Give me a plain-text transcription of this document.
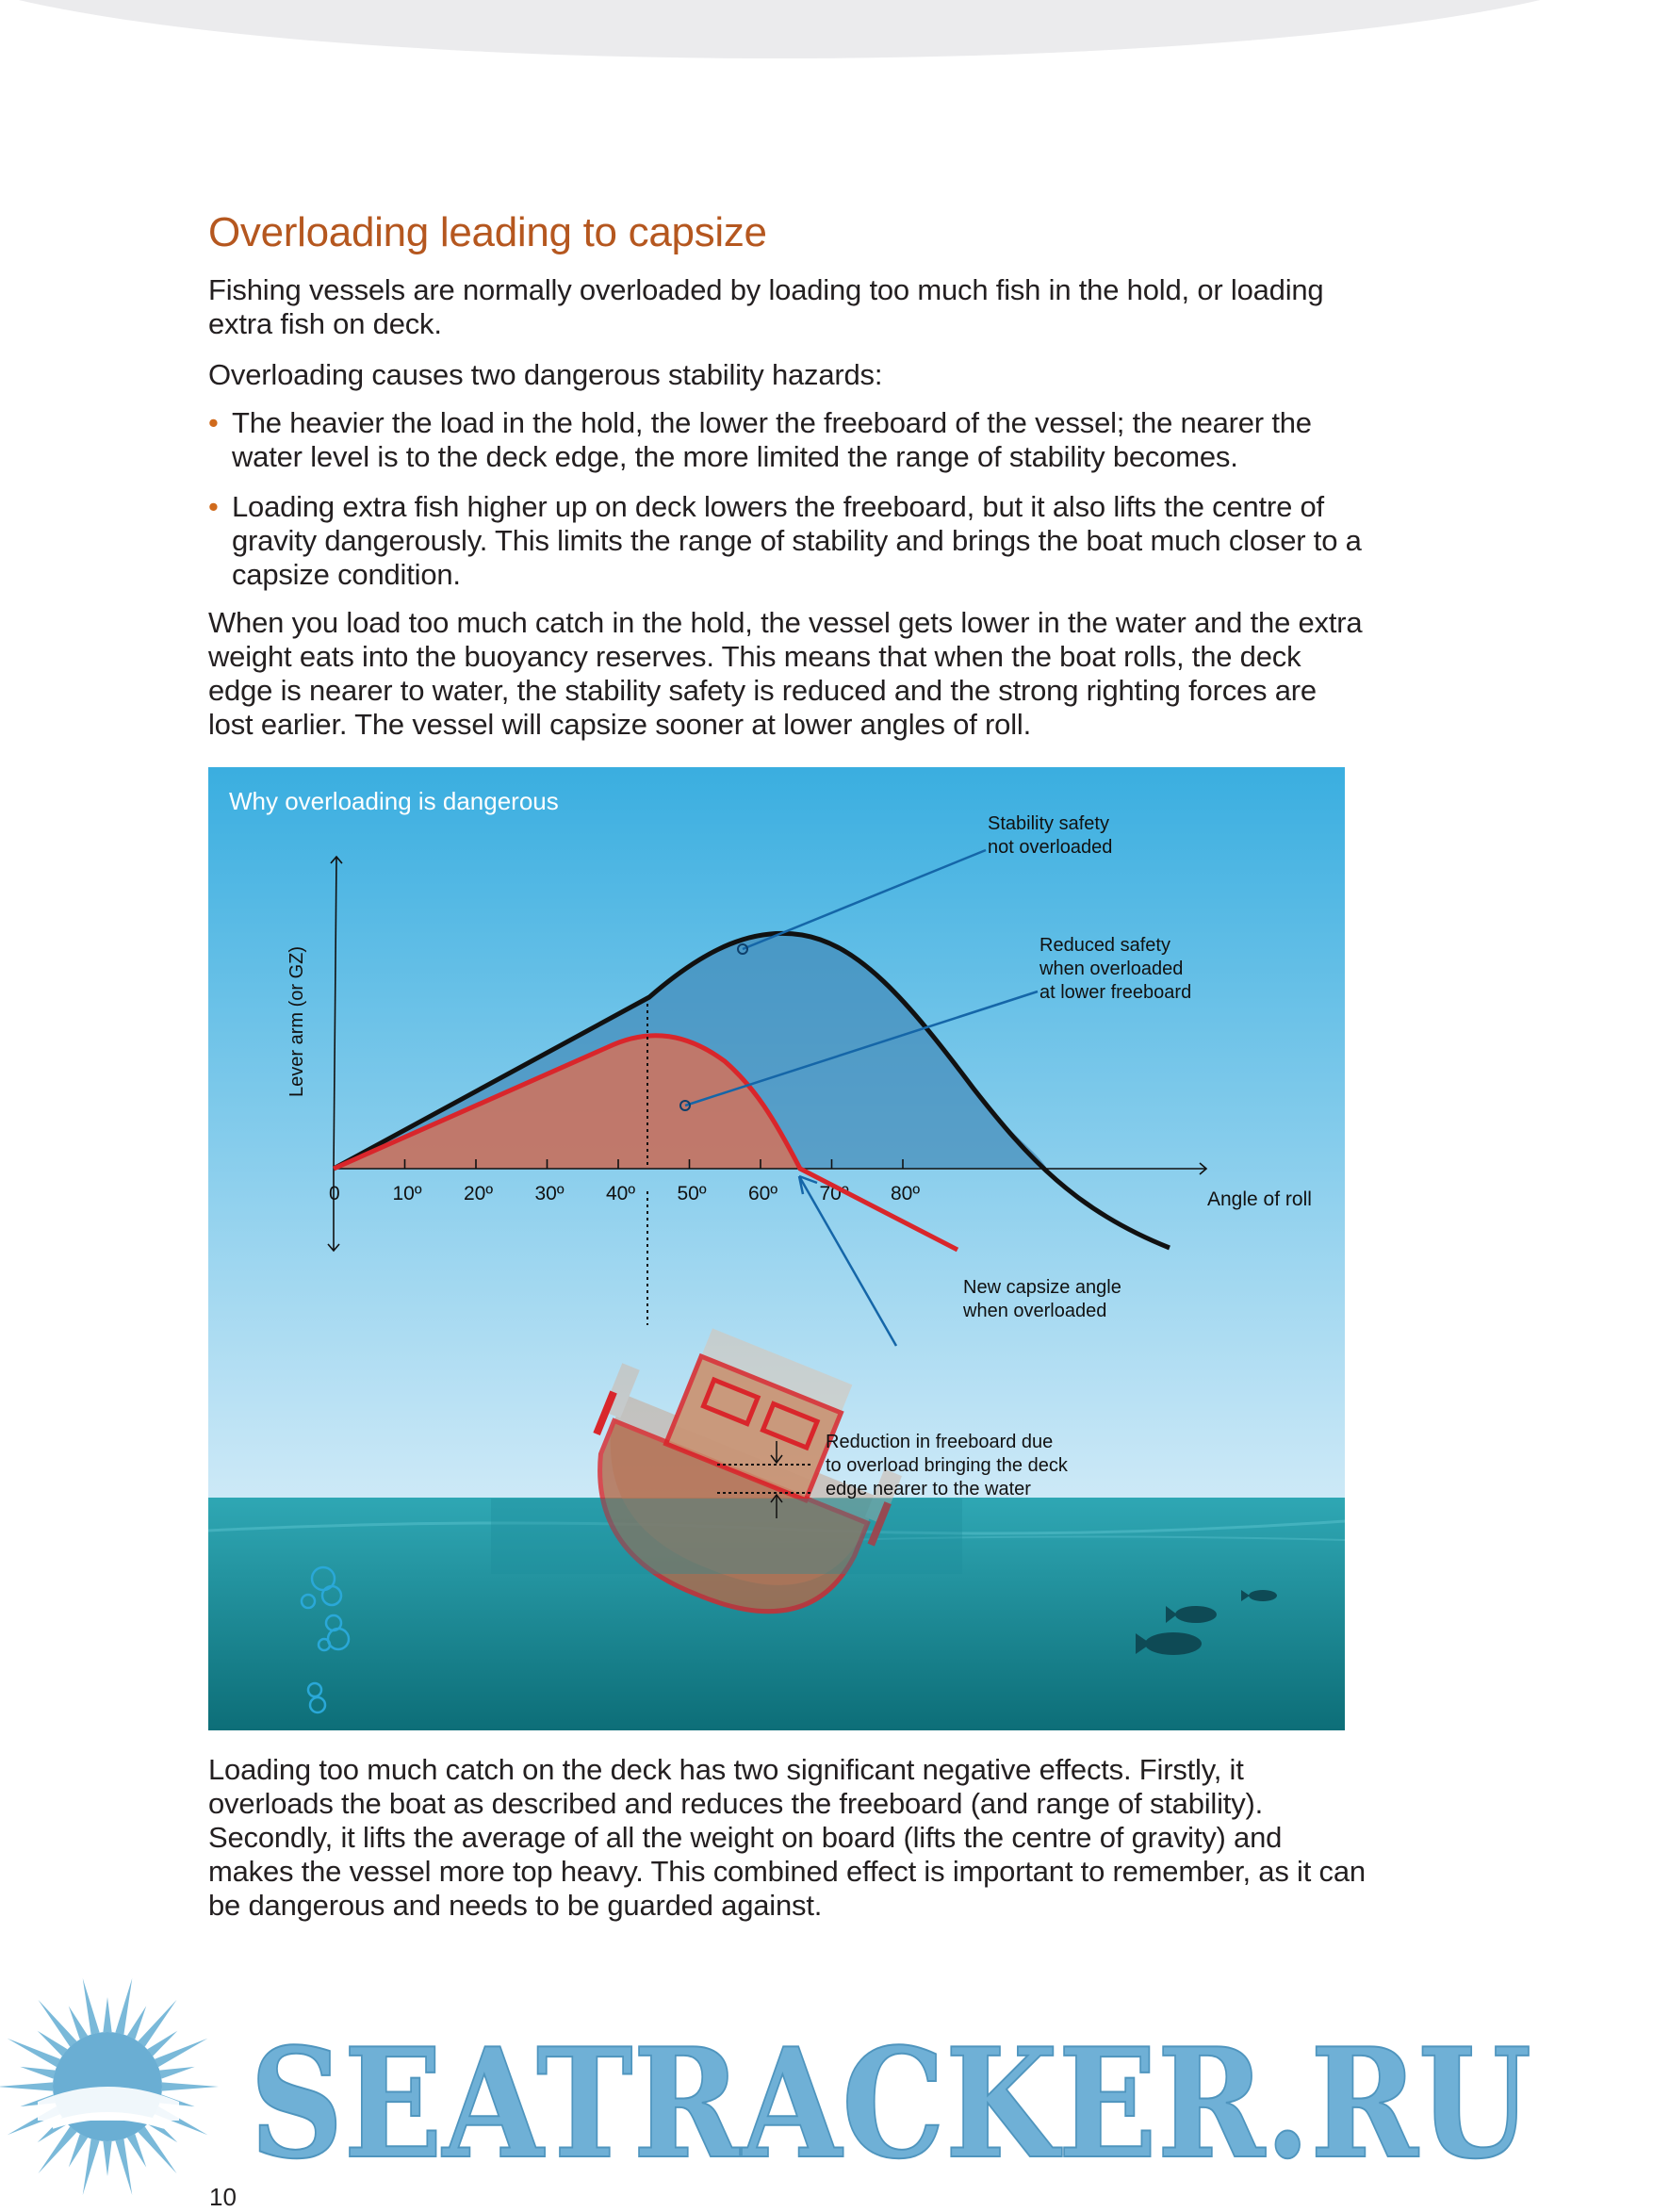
Overloading leading to capsize

Fishing vessels are normally overloaded by loading too much fish in the hold, or loading extra fish on deck.

Overloading causes two dangerous stability hazards:

• The heavier the load in the hold, the lower the freeboard of the vessel; the nearer the water level is to the deck edge, the more limited the range of stability becomes.
• Loading extra fish higher up on deck lowers the freeboard, but it also lifts the centre of gravity dangerously. This limits the range of stability and brings the boat much closer to a capsize condition.

When you load too much catch in the hold, the vessel gets lower in the water and the extra weight eats into the buoyancy reserves. This means that when the boat rolls, the deck edge is nearer to water, the stability safety is reduced and the strong righting forces are lost earlier. The vessel will capsize sooner at lower angles of roll.

Why overloading is dangerous
0	10º 20º 30º 40º 50º 60º 70º 80º
Lever arm (or GZ)
Angle of roll
Stability safety not overloaded
Reduced safety when overloaded at lower freeboard
New capsize angle when overloaded
Reduction in freeboard due to overload bringing the deck edge nearer to the water

Loading too much catch on the deck has two significant negative effects. Firstly, it overloads the boat as described and reduces the freeboard (and range of stability). Secondly, it lifts the average of all the weight on board (lifts the centre of gravity) and makes the vessel more top heavy. This combined effect is important to remember, as it can be dangerous and needs to be guarded against.

SEATRACKER.RU
10
